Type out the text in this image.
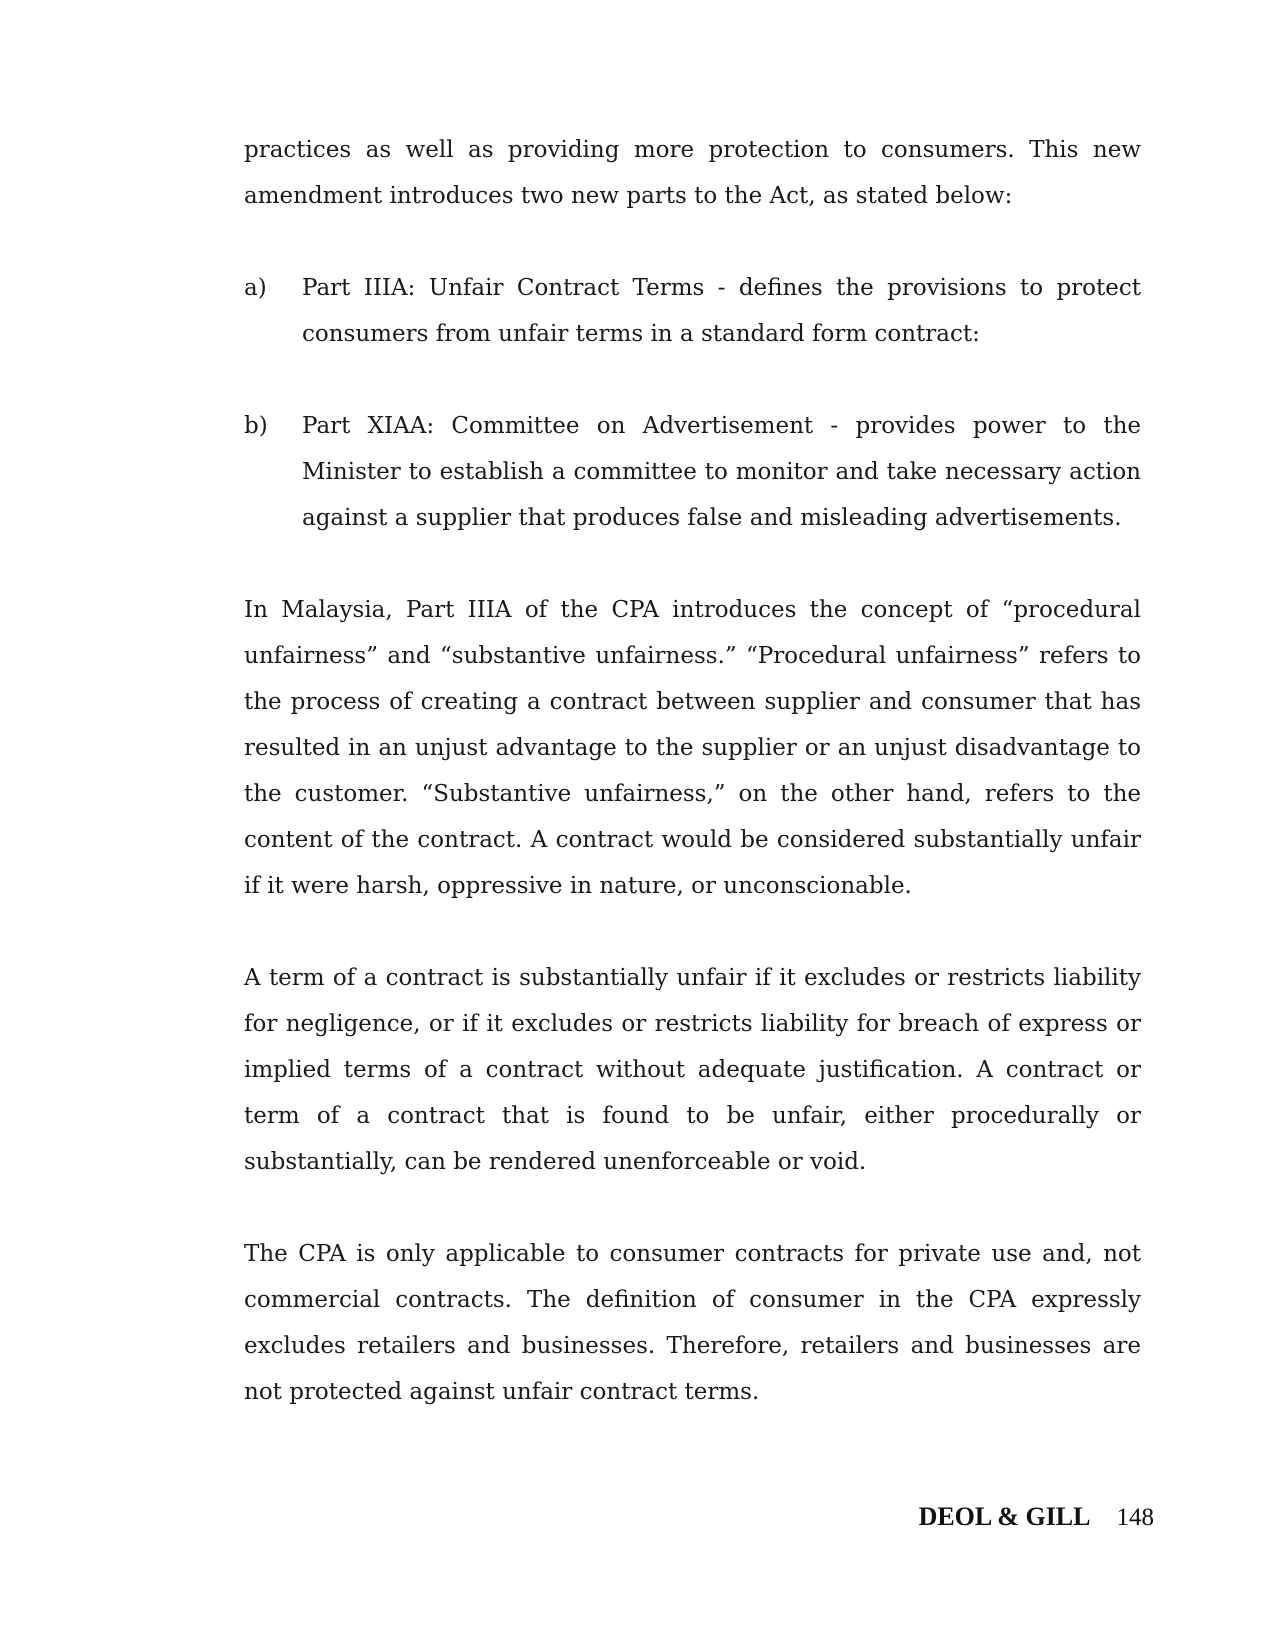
practices as well as providing more protection to consumers. This new amendment introduces two new parts to the Act, as stated below:

a)	Part IIIA: Unfair Contract Terms - defines the provisions to protect consumers from unfair terms in a standard form contract:

b)	Part XIAA: Committee on Advertisement - provides power to the Minister to establish a committee to monitor and take necessary action against a supplier that produces false and misleading advertisements.

In Malaysia, Part IIIA of the CPA introduces the concept of “procedural unfairness” and “substantive unfairness.” “Procedural unfairness” refers to the process of creating a contract between supplier and consumer that has resulted in an unjust advantage to the supplier or an unjust disadvantage to the customer. “Substantive unfairness,” on the other hand, refers to the content of the contract. A contract would be considered substantially unfair if it were harsh, oppressive in nature, or unconscionable.

A term of a contract is substantially unfair if it excludes or restricts liability for negligence, or if it excludes or restricts liability for breach of express or implied terms of a contract without adequate justification. A contract or term of a contract that is found to be unfair, either procedurally or substantially, can be rendered unenforceable or void.

The CPA is only applicable to consumer contracts for private use and, not commercial contracts. The definition of consumer in the CPA expressly excludes retailers and businesses. Therefore, retailers and businesses are not protected against unfair contract terms.

DEOL & GILL 148
